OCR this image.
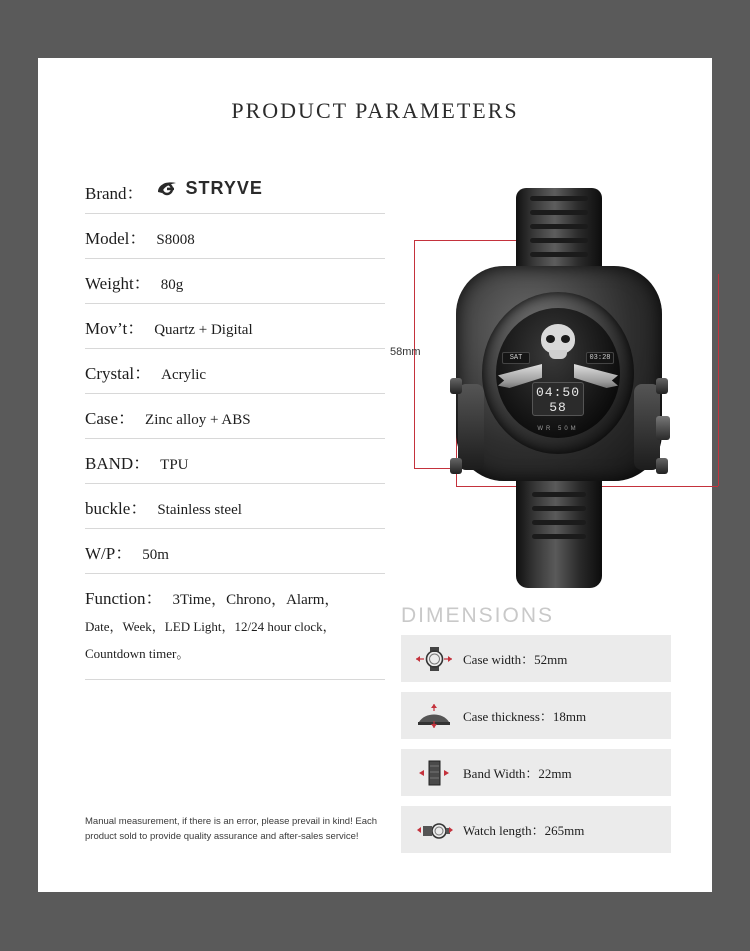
PRODUCT PARAMETERS
Brand： STRYVE
Model： S8008
Weight： 80g
Mov’t： Quartz + Digital
Crystal： Acrylic
Case： Zinc alloy + ABS
BAND： TPU
buckle： Stainless steel
W/P： 50m
Function： 3Time，Chrono，Alarm，
Date，Week，LED Light，12/24 hour clock，
Countdown timer。
Manual measurement, if there is an error, please prevail in kind! Each product sold to provide quality assurance and after-sales service!
58mm	SAT	03:28
04:50
58
WR 50M
DIMENSIONS
Case width：52mm
Case thickness：18mm
Band Width：22mm
Watch length：265mm
